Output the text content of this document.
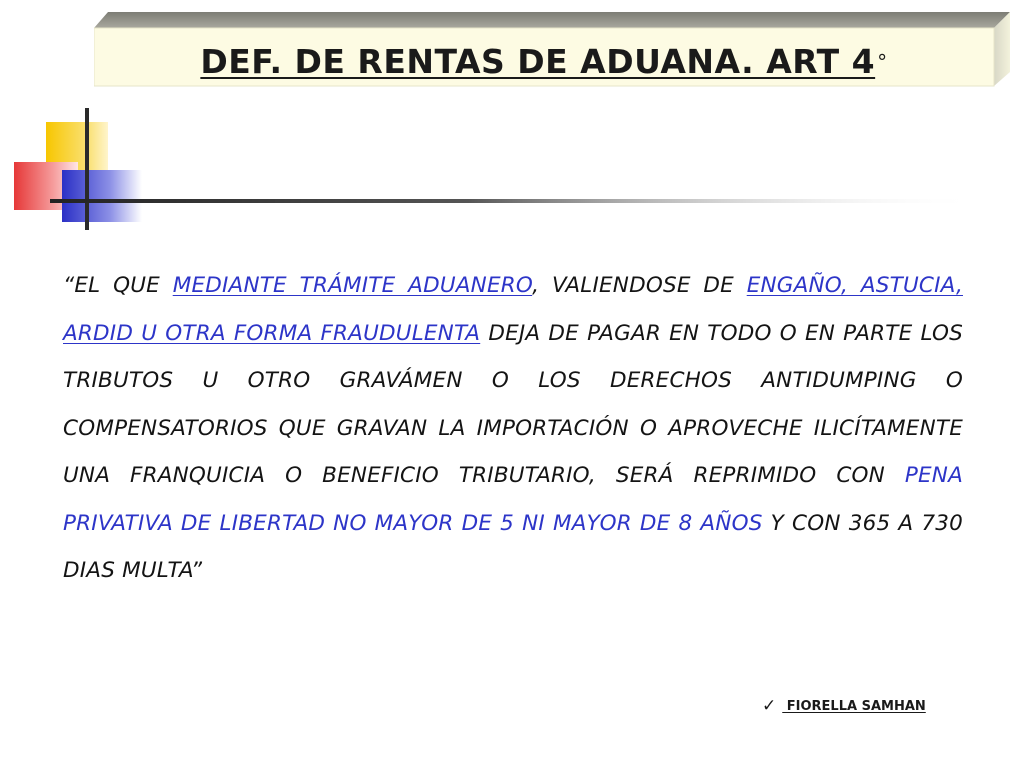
DEF. DE RENTAS DE ADUANA. ART 4 °

“EL QUE MEDIANTE TRÁMITE ADUANERO, VALIENDOSE DE ENGAÑO, ASTUCIA, ARDID U OTRA FORMA FRAUDULENTA DEJA DE PAGAR EN TODO O EN PARTE LOS TRIBUTOS U OTRO GRAVÁMEN O LOS DERECHOS ANTIDUMPING O COMPENSATORIOS QUE GRAVAN LA IMPORTACIÓN O APROVECHE ILICÍTAMENTE UNA FRANQUICIA O BENEFICIO TRIBUTARIO, SERÁ REPRIMIDO CON PENA PRIVATIVA DE LIBERTAD NO MAYOR DE 5 NI MAYOR DE 8 AÑOS Y CON 365 A 730 DIAS MULTA”

✓ FIORELLA SAMHAN
